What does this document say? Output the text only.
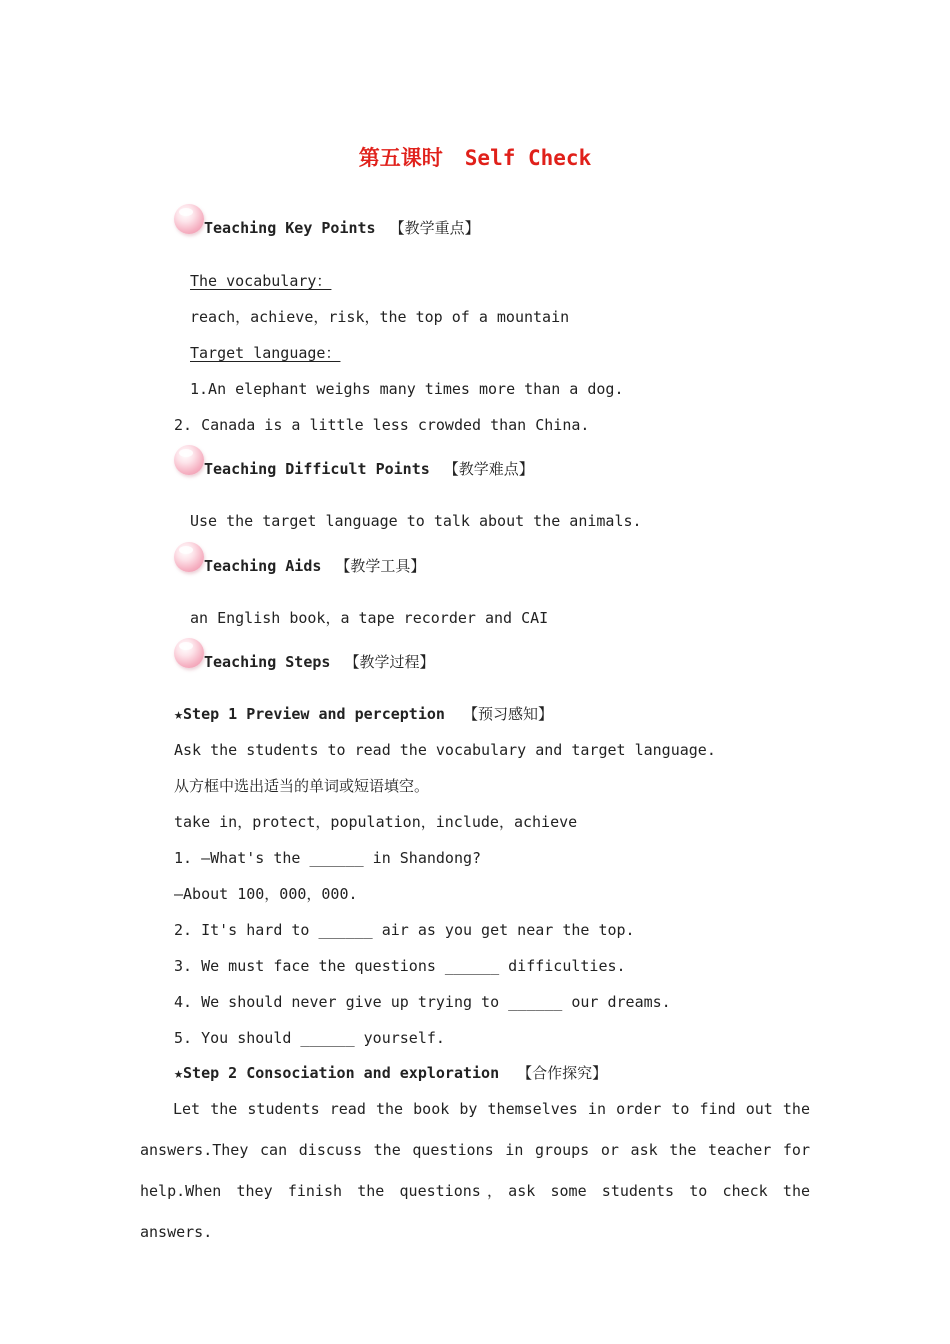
第五课时 Self Check
Teaching Key Points 【教学重点】
The vocabulary：
reach，achieve，risk，the top of a mountain
Target language：
1.An elephant weighs many times more than a dog.
2. Canada is a little less crowded than China.
Teaching Difficult Points 【教学难点】
Use the target language to talk about the animals.
Teaching Aids 【教学工具】
an English book，a tape recorder and CAI
Teaching Steps 【教学过程】
★Step 1 Preview and perception 【预习感知】
Ask the students to read the vocabulary and target language.
从方框中选出适当的单词或短语填空。
take in，protect，population，include，achieve
1. —What's the ______ in Shandong?
—About 100，000，000.
2. It's hard to ______ air as you get near the top.
3. We must face the questions ______ difficulties.
4. We should never give up trying to ______ our dreams.
5. You should ______ yourself.
★Step 2 Consociation and exploration 【合作探究】
Let the students read the book by themselves in order to find out the
answers.They can discuss the questions in groups or ask the teacher for
help.When they finish the questions，ask some students to check the answers.
